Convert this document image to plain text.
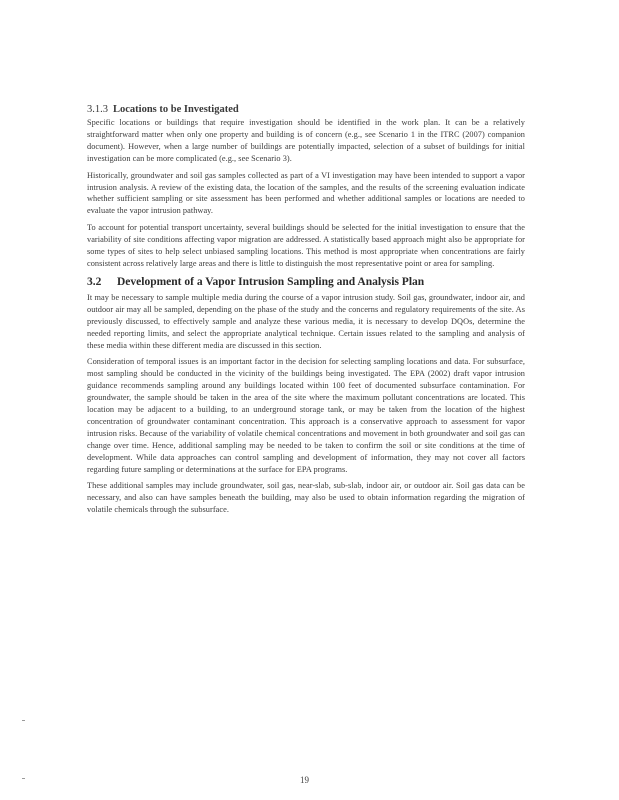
3.1.3 Locations to be Investigated

Specific locations or buildings that require investigation should be identified in the work plan. It can be a relatively straightforward matter when only one property and building is of concern (e.g., see Scenario 1 in the ITRC (2007) companion document). However, when a large number of buildings are potentially impacted, selection of a subset of buildings for initial investigation can be more complicated (e.g., see Scenario 3).

Historically, groundwater and soil gas samples collected as part of a VI investigation may have been intended to support a vapor intrusion analysis. A review of the existing data, the location of the samples, and the results of the screening evaluation indicate whether sufficient sampling or site assessment has been performed and whether additional samples or locations are needed to evaluate the vapor intrusion pathway.

To account for potential transport uncertainty, several buildings should be selected for the initial investigation to ensure that the variability of site conditions affecting vapor migration are addressed. A statistically based approach might also be appropriate for some types of sites to help select unbiased sampling locations. This method is most appropriate when concentrations are fairly consistent across relatively large areas and there is little to distinguish the most representative point or area for sampling.

3.2 Development of a Vapor Intrusion Sampling and Analysis Plan

It may be necessary to sample multiple media during the course of a vapor intrusion study. Soil gas, groundwater, indoor air, and outdoor air may all be sampled, depending on the phase of the study and the concerns and regulatory requirements of the site. As previously discussed, to effectively sample and analyze these various media, it is necessary to develop DQOs, determine the needed reporting limits, and select the appropriate analytical technique. Certain issues related to the sampling and analysis of these media within these different media are discussed in this section.

Consideration of temporal issues is an important factor in the decision for selecting sampling locations and data. For subsurface, most sampling should be conducted in the vicinity of the buildings being investigated. The EPA (2002) draft vapor intrusion guidance recommends sampling around any buildings located within 100 feet of documented subsurface contamination. For groundwater, the sample should be taken in the area of the site where the maximum pollutant concentrations are located. This location may be adjacent to a building, to an underground storage tank, or may be taken from the location of the highest concentration of groundwater contaminant concentration. This approach is a conservative approach to assessment for vapor intrusion risks. Because of the variability of volatile chemical concentrations and movement in both groundwater and soil gas can change over time. Hence, additional sampling may be needed to be taken to confirm the soil or site conditions at the time of development. While data approaches can control sampling and development of information, they may not cover all factors regarding future sampling or determinations at the surface for EPA programs.

These additional samples may include groundwater, soil gas, near-slab, sub-slab, indoor air, or outdoor air. Soil gas data can be necessary, and also can have samples beneath the building, may also be used to obtain information regarding the migration of volatile chemicals through the subsurface.

19
